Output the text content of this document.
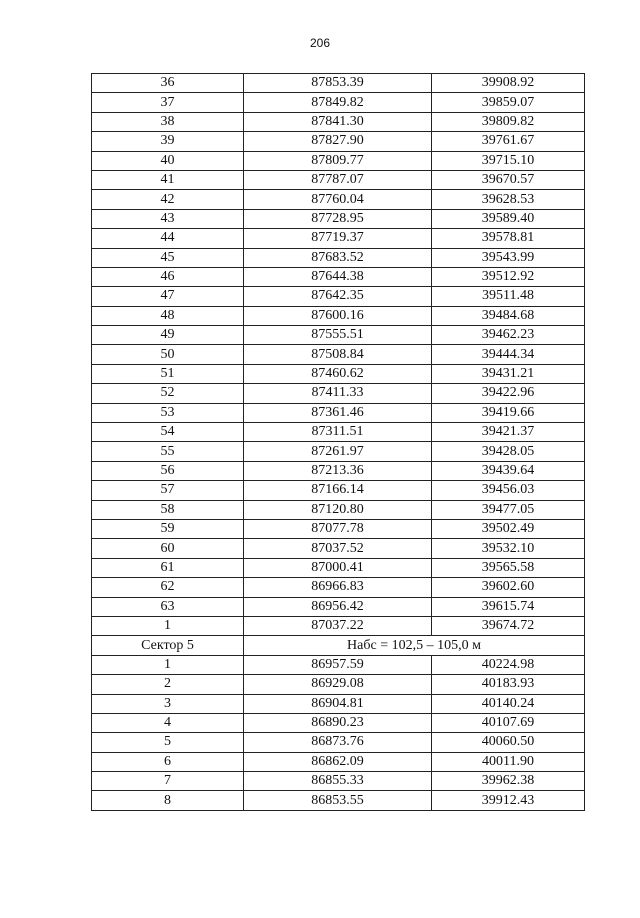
206
36	87853.39	39908.92
37	87849.82	39859.07
38	87841.30	39809.82
39	87827.90	39761.67
40	87809.77	39715.10
41	87787.07	39670.57
42	87760.04	39628.53
43	87728.95	39589.40
44	87719.37	39578.81
45	87683.52	39543.99
46	87644.38	39512.92
47	87642.35	39511.48
48	87600.16	39484.68
49	87555.51	39462.23
50	87508.84	39444.34
51	87460.62	39431.21
52	87411.33	39422.96
53	87361.46	39419.66
54	87311.51	39421.37
55	87261.97	39428.05
56	87213.36	39439.64
57	87166.14	39456.03
58	87120.80	39477.05
59	87077.78	39502.49
60	87037.52	39532.10
61	87000.41	39565.58
62	86966.83	39602.60
63	86956.42	39615.74
1	87037.22	39674.72
Сектор 5	Набс = 102,5 – 105,0 м	
1	86957.59	40224.98
2	86929.08	40183.93
3	86904.81	40140.24
4	86890.23	40107.69
5	86873.76	40060.50
6	86862.09	40011.90
7	86855.33	39962.38
8	86853.55	39912.43
